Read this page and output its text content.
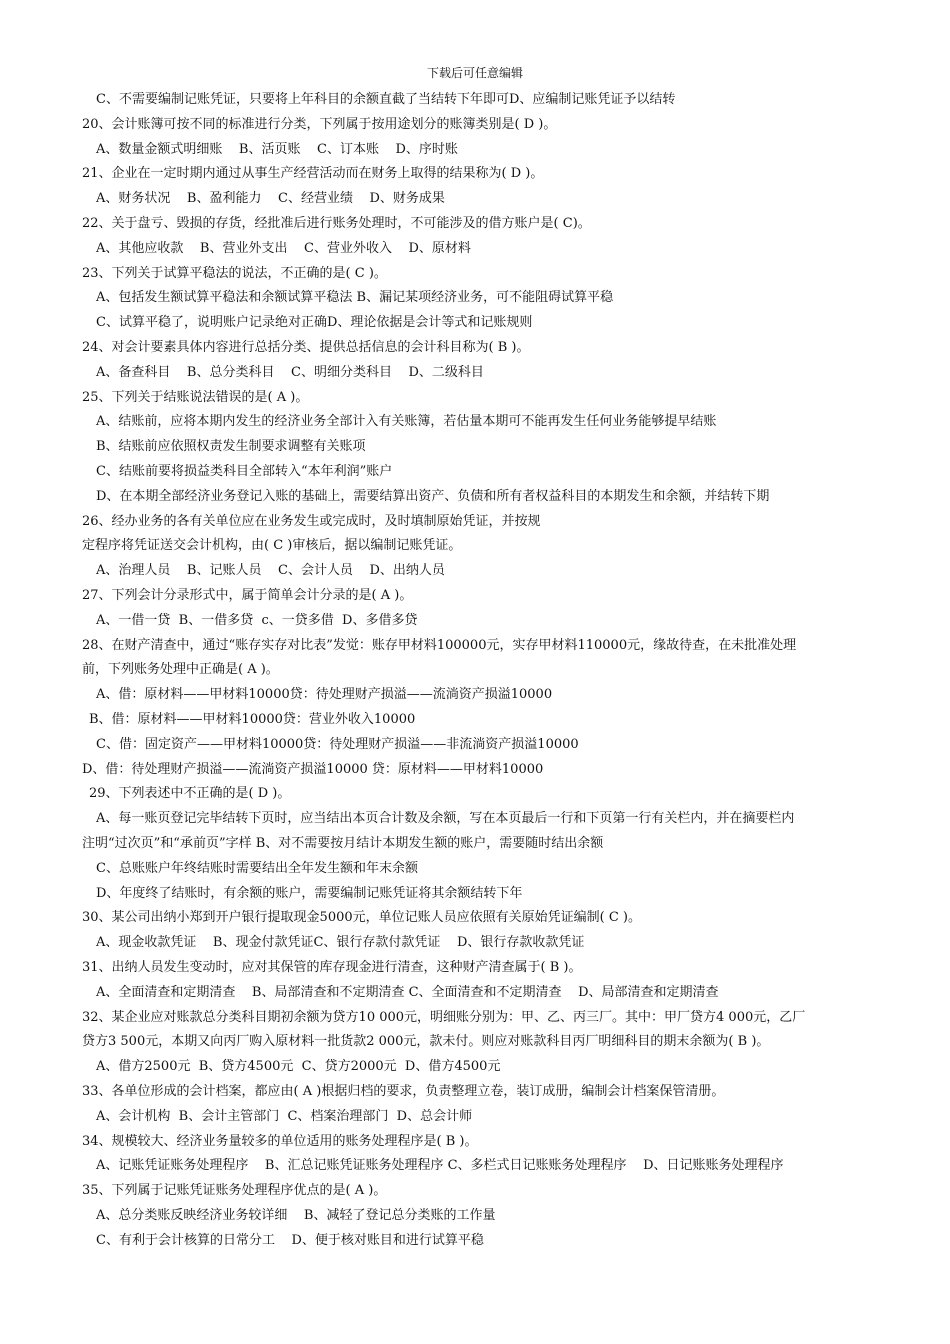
下载后可任意编辑
C、不需要编制记账凭证，只要将上年科目的余额直截了当结转下年即可D、应编制记账凭证予以结转
20、会计账簿可按不同的标准进行分类，下列属于按用途划分的账簿类别是( D )。
A、数量金额式明细账    B、活页账    C、订本账    D、序时账
21、企业在一定时期内通过从事生产经营活动而在财务上取得的结果称为( D )。
A、财务状况    B、盈利能力    C、经营业绩    D、财务成果
22、关于盘亏、毁损的存货，经批准后进行账务处理时，不可能涉及的借方账户是( C)。
A、其他应收款    B、营业外支出    C、营业外收入    D、原材料
23、下列关于试算平稳法的说法，不正确的是( C )。
A、包括发生额试算平稳法和余额试算平稳法 B、漏记某项经济业务，可不能阻碍试算平稳
C、试算平稳了，说明账户记录绝对正确D、理论依据是会计等式和记账规则
24、对会计要素具体内容进行总括分类、提供总括信息的会计科目称为( B )。
A、备查科目    B、总分类科目    C、明细分类科目    D、二级科目
25、下列关于结账说法错误的是( A )。
A、结账前，应将本期内发生的经济业务全部计入有关账簿，若估量本期可不能再发生任何业务能够提早结账
B、结账前应依照权责发生制要求调整有关账项
C、结账前要将损益类科目全部转入“本年利润”账户
D、在本期全部经济业务登记入账的基础上，需要结算出资产、负债和所有者权益科目的本期发生和余额，并结转下期
26、经办业务的各有关单位应在业务发生或完成时，及时填制原始凭证，并按规
定程序将凭证送交会计机构，由( C )审核后，据以编制记账凭证。
A、治理人员    B、记账人员    C、会计人员    D、出纳人员
27、下列会计分录形式中，属于简单会计分录的是( A )。
A、一借一贷  B、一借多贷  c、一贷多借  D、多借多贷
28、在财产清查中，通过“账存实存对比表”发觉：账存甲材料100000元，实存甲材料110000元，缘故待查，在未批准处理
前，下列账务处理中正确是( A )。
A、借：原材料——甲材料10000贷：待处理财产损溢——流淌资产损溢10000
B、借：原材料——甲材料10000贷：营业外收入10000
C、借：固定资产——甲材料10000贷：待处理财产损溢——非流淌资产损溢10000
D、借：待处理财产损溢——流淌资产损溢10000 贷：原材料——甲材料10000
29、下列表述中不正确的是( D )。
A、每一账页登记完毕结转下页时，应当结出本页合计数及余额，写在本页最后一行和下页第一行有关栏内，并在摘要栏内
注明“过次页”和“承前页”字样 B、对不需要按月结计本期发生额的账户，需要随时结出余额
C、总账账户年终结账时需要结出全年发生额和年末余额
D、年度终了结账时，有余额的账户，需要编制记账凭证将其余额结转下年
30、某公司出纳小郑到开户银行提取现金5000元，单位记账人员应依照有关原始凭证编制( C )。
A、现金收款凭证    B、现金付款凭证C、银行存款付款凭证    D、银行存款收款凭证
31、出纳人员发生变动时，应对其保管的库存现金进行清查，这种财产清查属于( B )。
A、全面清查和定期清查    B、局部清查和不定期清查 C、全面清查和不定期清查    D、局部清查和定期清查
32、某企业应对账款总分类科目期初余额为贷方10 000元，明细账分别为：甲、乙、丙三厂。其中：甲厂贷方4 000元，乙厂
贷方3 500元，本期又向丙厂购入原材料一批货款2 000元，款未付。则应对账款科目丙厂明细科目的期末余额为( B )。
A、借方2500元  B、贷方4500元  C、贷方2000元  D、借方4500元
33、各单位形成的会计档案，都应由( A )根据归档的要求，负责整理立卷，装订成册，编制会计档案保管清册。
A、会计机构  B、会计主管部门  C、档案治理部门  D、总会计师
34、规模较大、经济业务量较多的单位适用的账务处理程序是( B )。
A、记账凭证账务处理程序    B、汇总记账凭证账务处理程序 C、多栏式日记账账务处理程序    D、日记账账务处理程序
35、下列属于记账凭证账务处理程序优点的是( A )。
A、总分类账反映经济业务较详细    B、减轻了登记总分类账的工作量
C、有利于会计核算的日常分工    D、便于核对账目和进行试算平稳
